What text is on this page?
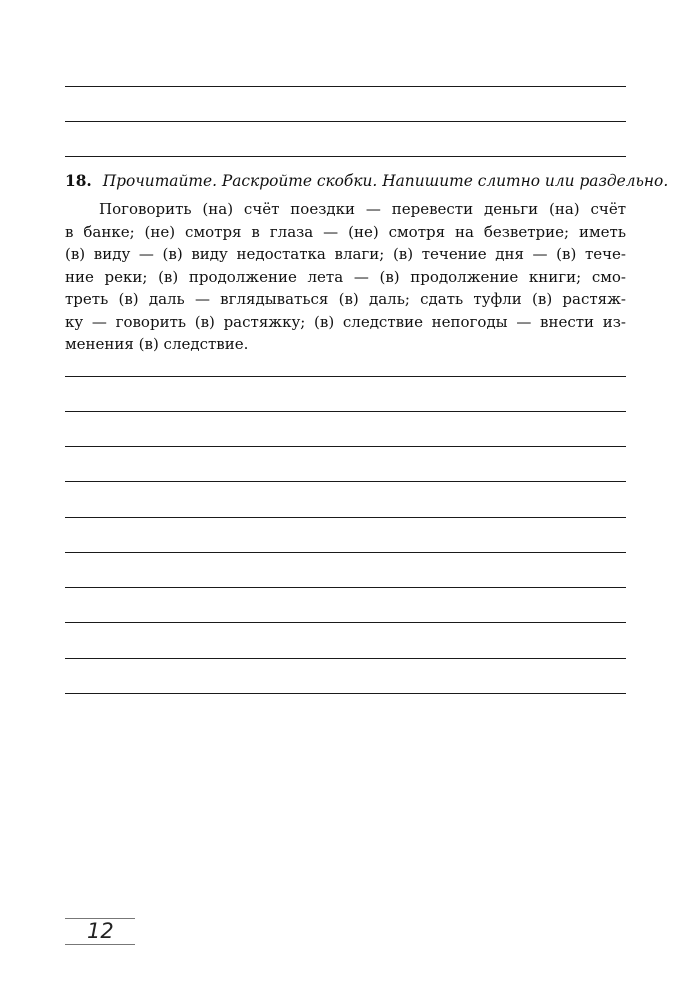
18. Прочитайте. Раскройте скобки. Напишите слитно или раздельно.
Поговорить (на) счёт поездки — перевести деньги (на) счёт
в банке; (не) смотря в глаза — (не) смотря на безветрие; иметь
(в) виду — (в) виду недостатка влаги; (в) течение дня — (в) тече-
ние реки; (в) продолжение лета — (в) продолжение книги; смо-
треть (в) даль — вглядываться (в) даль; сдать туфли (в) растяж-
ку — говорить (в) растяжку; (в) следствие непогоды — внести из-
менения (в) следствие.
12
